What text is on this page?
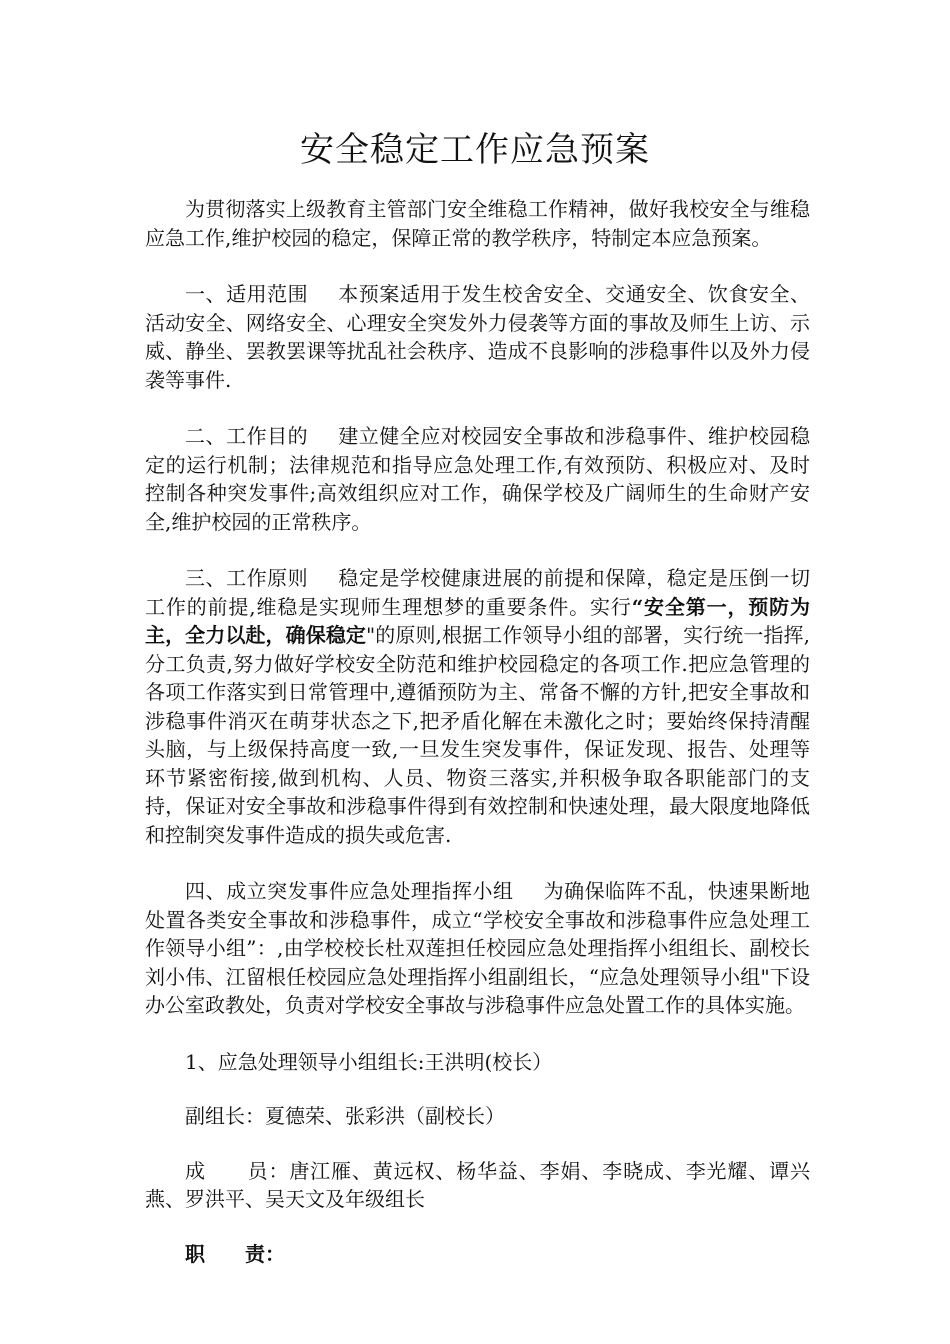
安全稳定工作应急预案

为贯彻落实上级教育主管部门安全维稳工作精神，做好我校安全与维稳应急工作,维护校园的稳定，保障正常的教学秩序，特制定本应急预案。

一、适用范围 本预案适用于发生校舍安全、交通安全、饮食安全、活动安全、网络安全、心理安全突发外力侵袭等方面的事故及师生上访、示威、静坐、罢教罢课等扰乱社会秩序、造成不良影响的涉稳事件以及外力侵袭等事件.

二、工作目的 建立健全应对校园安全事故和涉稳事件、维护校园稳定的运行机制；法律规范和指导应急处理工作,有效预防、积极应对、及时控制各种突发事件;高效组织应对工作，确保学校及广阔师生的生命财产安全,维护校园的正常秩序。

三、工作原则 稳定是学校健康进展的前提和保障，稳定是压倒一切工作的前提,维稳是实现师生理想梦的重要条件。实行“安全第一，预防为主，全力以赴，确保稳定"的原则,根据工作领导小组的部署，实行统一指挥,分工负责,努力做好学校安全防范和维护校园稳定的各项工作.把应急管理的各项工作落实到日常管理中,遵循预防为主、常备不懈的方针,把安全事故和涉稳事件消灭在萌芽状态之下,把矛盾化解在未激化之时；要始终保持清醒头脑，与上级保持高度一致,一旦发生突发事件，保证发现、报告、处理等环节紧密衔接,做到机构、人员、物资三落实,并积极争取各职能部门的支持，保证对安全事故和涉稳事件得到有效控制和快速处理，最大限度地降低和控制突发事件造成的损失或危害.

四、成立突发事件应急处理指挥小组 为确保临阵不乱，快速果断地处置各类安全事故和涉稳事件，成立“学校安全事故和涉稳事件应急处理工作领导小组”：,由学校校长杜双莲担任校园应急处理指挥小组组长、副校长刘小伟、江留根任校园应急处理指挥小组副组长，“应急处理领导小组"下设办公室政教处，负责对学校安全事故与涉稳事件应急处置工作的具体实施。

1、应急处理领导小组组长:王洪明(校长）

副组长：夏德荣、张彩洪（副校长）

成　　员：唐江雁、黄远权、杨华益、李娟、李晓成、李光耀、谭兴燕、罗洪平、吴天文及年级组长

职　　责：
